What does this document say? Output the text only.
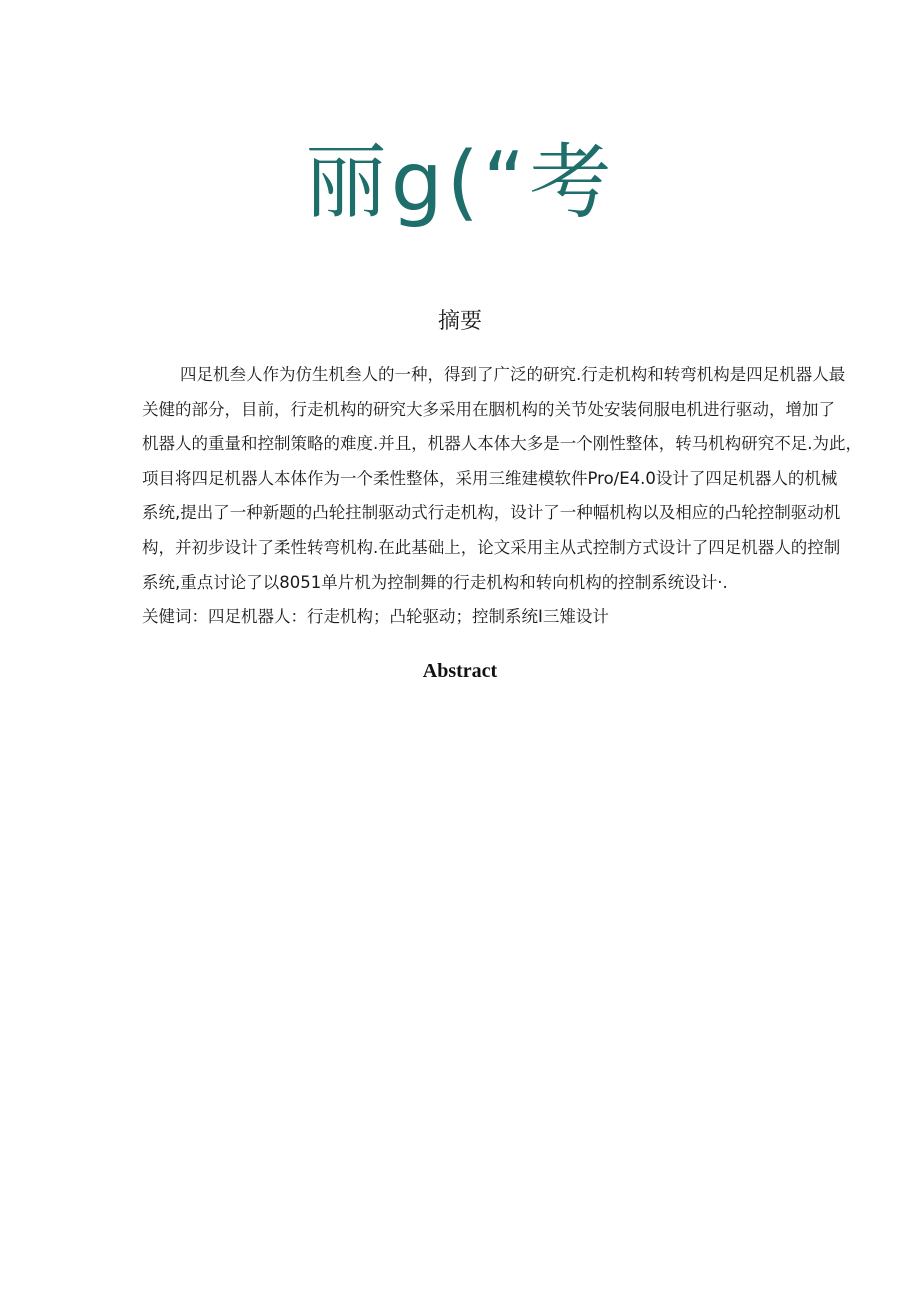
丽g(“考
摘要
四足机叁人作为仿生机叁人的一种，得到了广泛的研究.行走机构和转弯机构是四足机器人最
关健的部分，目前，行走机构的研究大多采用在胭机构的关节处安装伺服电机进行驱动，增加了
机器人的重量和控制策略的难度.并且，机器人本体大多是一个刚性整体，转马机构研究不足.为此，
项目将四足机器人本体作为一个柔性整体，采用三维建模软件Pro∕E4.0设计了四足机器人的机械
系统,提出了一种新题的凸轮拄制驱动式行走机构，设计了一种幅机构以及相应的凸轮控制驱动机
构，并初步设计了柔性转弯机构.在此基础上，论文采用主从式控制方式设计了四足机器人的控制
系统,重点讨论了以8051单片机为控制舞的行走机构和转向机构的控制系统设计·.
关健词：四足机器人：行走机构；凸轮驱动；控制系统I三雉设计
Abstract
